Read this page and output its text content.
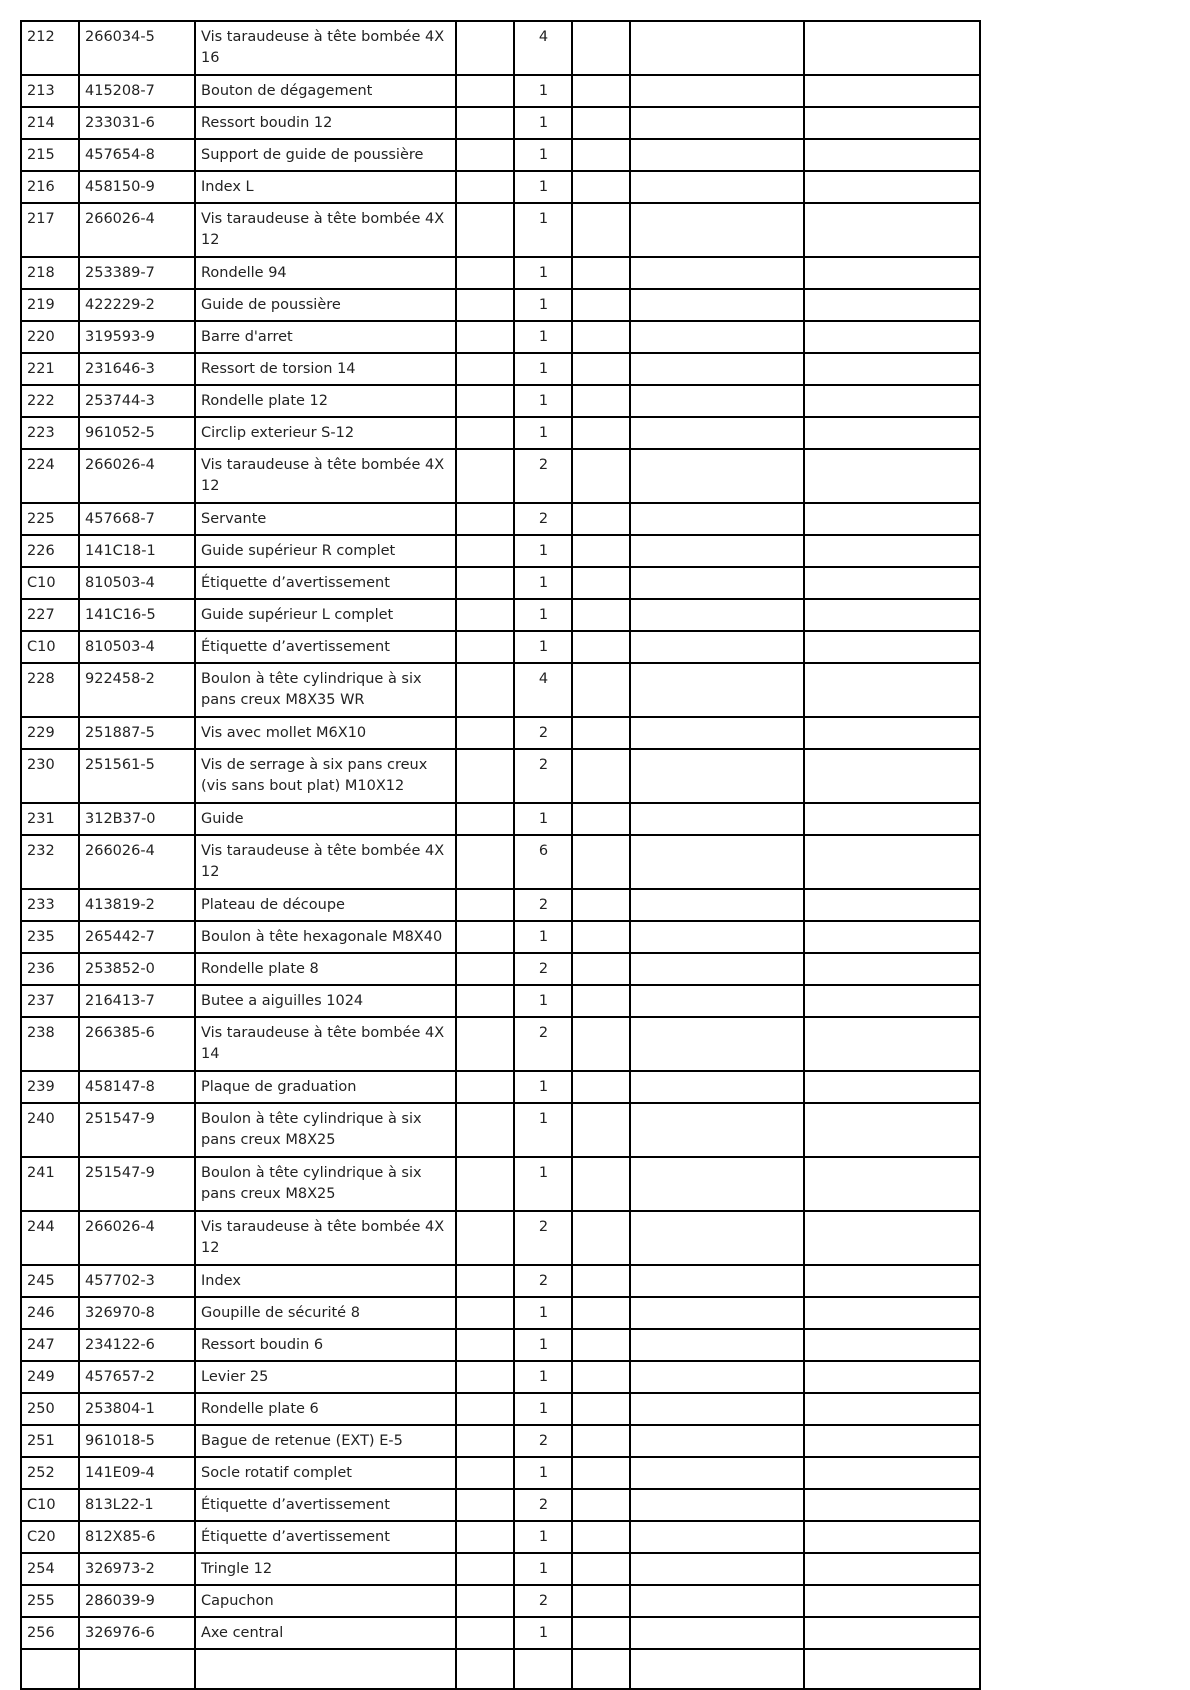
212	266034-5	Vis taraudeuse à tête bombée 4X 16		4			
213	415208-7	Bouton de dégagement		1			
214	233031-6	Ressort boudin 12		1			
215	457654-8	Support de guide de poussière		1			
216	458150-9	Index L		1			
217	266026-4	Vis taraudeuse à tête bombée 4X 12		1			
218	253389-7	Rondelle 94		1			
219	422229-2	Guide de poussière		1			
220	319593-9	Barre d'arret		1			
221	231646-3	Ressort de torsion 14		1			
222	253744-3	Rondelle plate 12		1			
223	961052-5	Circlip exterieur S-12		1			
224	266026-4	Vis taraudeuse à tête bombée 4X 12		2			
225	457668-7	Servante		2			
226	141C18-1	Guide supérieur R complet		1			
C10	810503-4	Étiquette d’avertissement		1			
227	141C16-5	Guide supérieur L complet		1			
C10	810503-4	Étiquette d’avertissement		1			
228	922458-2	Boulon à tête cylindrique à six pans creux M8X35 WR		4			
229	251887-5	Vis avec mollet M6X10		2			
230	251561-5	Vis de serrage à six pans creux (vis sans bout plat) M10X12		2			
231	312B37-0	Guide		1			
232	266026-4	Vis taraudeuse à tête bombée 4X 12		6			
233	413819-2	Plateau de découpe		2			
235	265442-7	Boulon à tête hexagonale M8X40		1			
236	253852-0	Rondelle plate 8		2			
237	216413-7	Butee a aiguilles 1024		1			
238	266385-6	Vis taraudeuse à tête bombée 4X 14		2			
239	458147-8	Plaque de graduation		1			
240	251547-9	Boulon à tête cylindrique à six pans creux M8X25		1			
241	251547-9	Boulon à tête cylindrique à six pans creux M8X25		1			
244	266026-4	Vis taraudeuse à tête bombée 4X 12		2			
245	457702-3	Index		2			
246	326970-8	Goupille de sécurité 8		1			
247	234122-6	Ressort boudin 6		1			
249	457657-2	Levier 25		1			
250	253804-1	Rondelle plate 6		1			
251	961018-5	Bague de retenue (EXT) E-5		2			
252	141E09-4	Socle rotatif complet		1			
C10	813L22-1	Étiquette d’avertissement		2			
C20	812X85-6	Étiquette d’avertissement		1			
254	326973-2	Tringle 12		1			
255	286039-9	Capuchon		2			
256	326976-6	Axe central		1			
